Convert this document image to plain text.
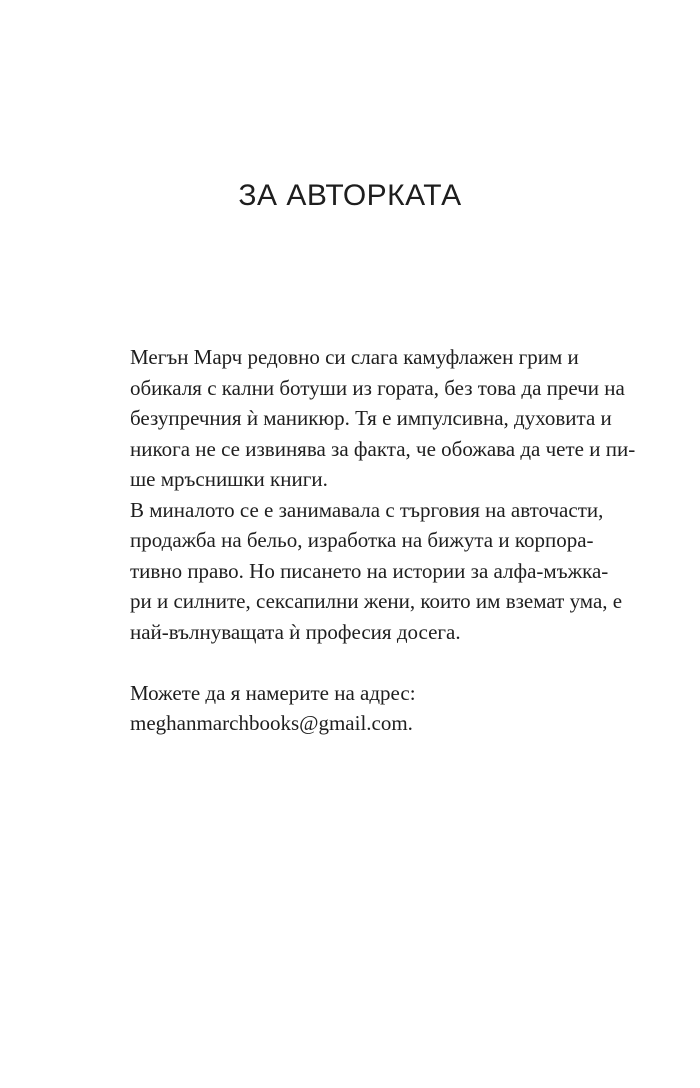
ЗА АВТОРКАТА

Мегън Марч редовно си слага камуфлажен грим и
обикаля с кални ботуши из гората, без това да пречи на
безупречния ѝ маникюр. Тя е импулсивна, духовита и
никога не се извинява за факта, че обожава да чете и пи-
ше мръснишки книги.

В миналото се е занимавала с търговия на авточасти,
продажба на бельо, изработка на бижута и корпора-
тивно право. Но писането на истории за алфа-мъжка-
ри и силните, сексапилни жени, които им вземат ума, е
най-вълнуващата ѝ професия досега.

Можете да я намерите на адрес:
meghanmarchbooks@gmail.com.
